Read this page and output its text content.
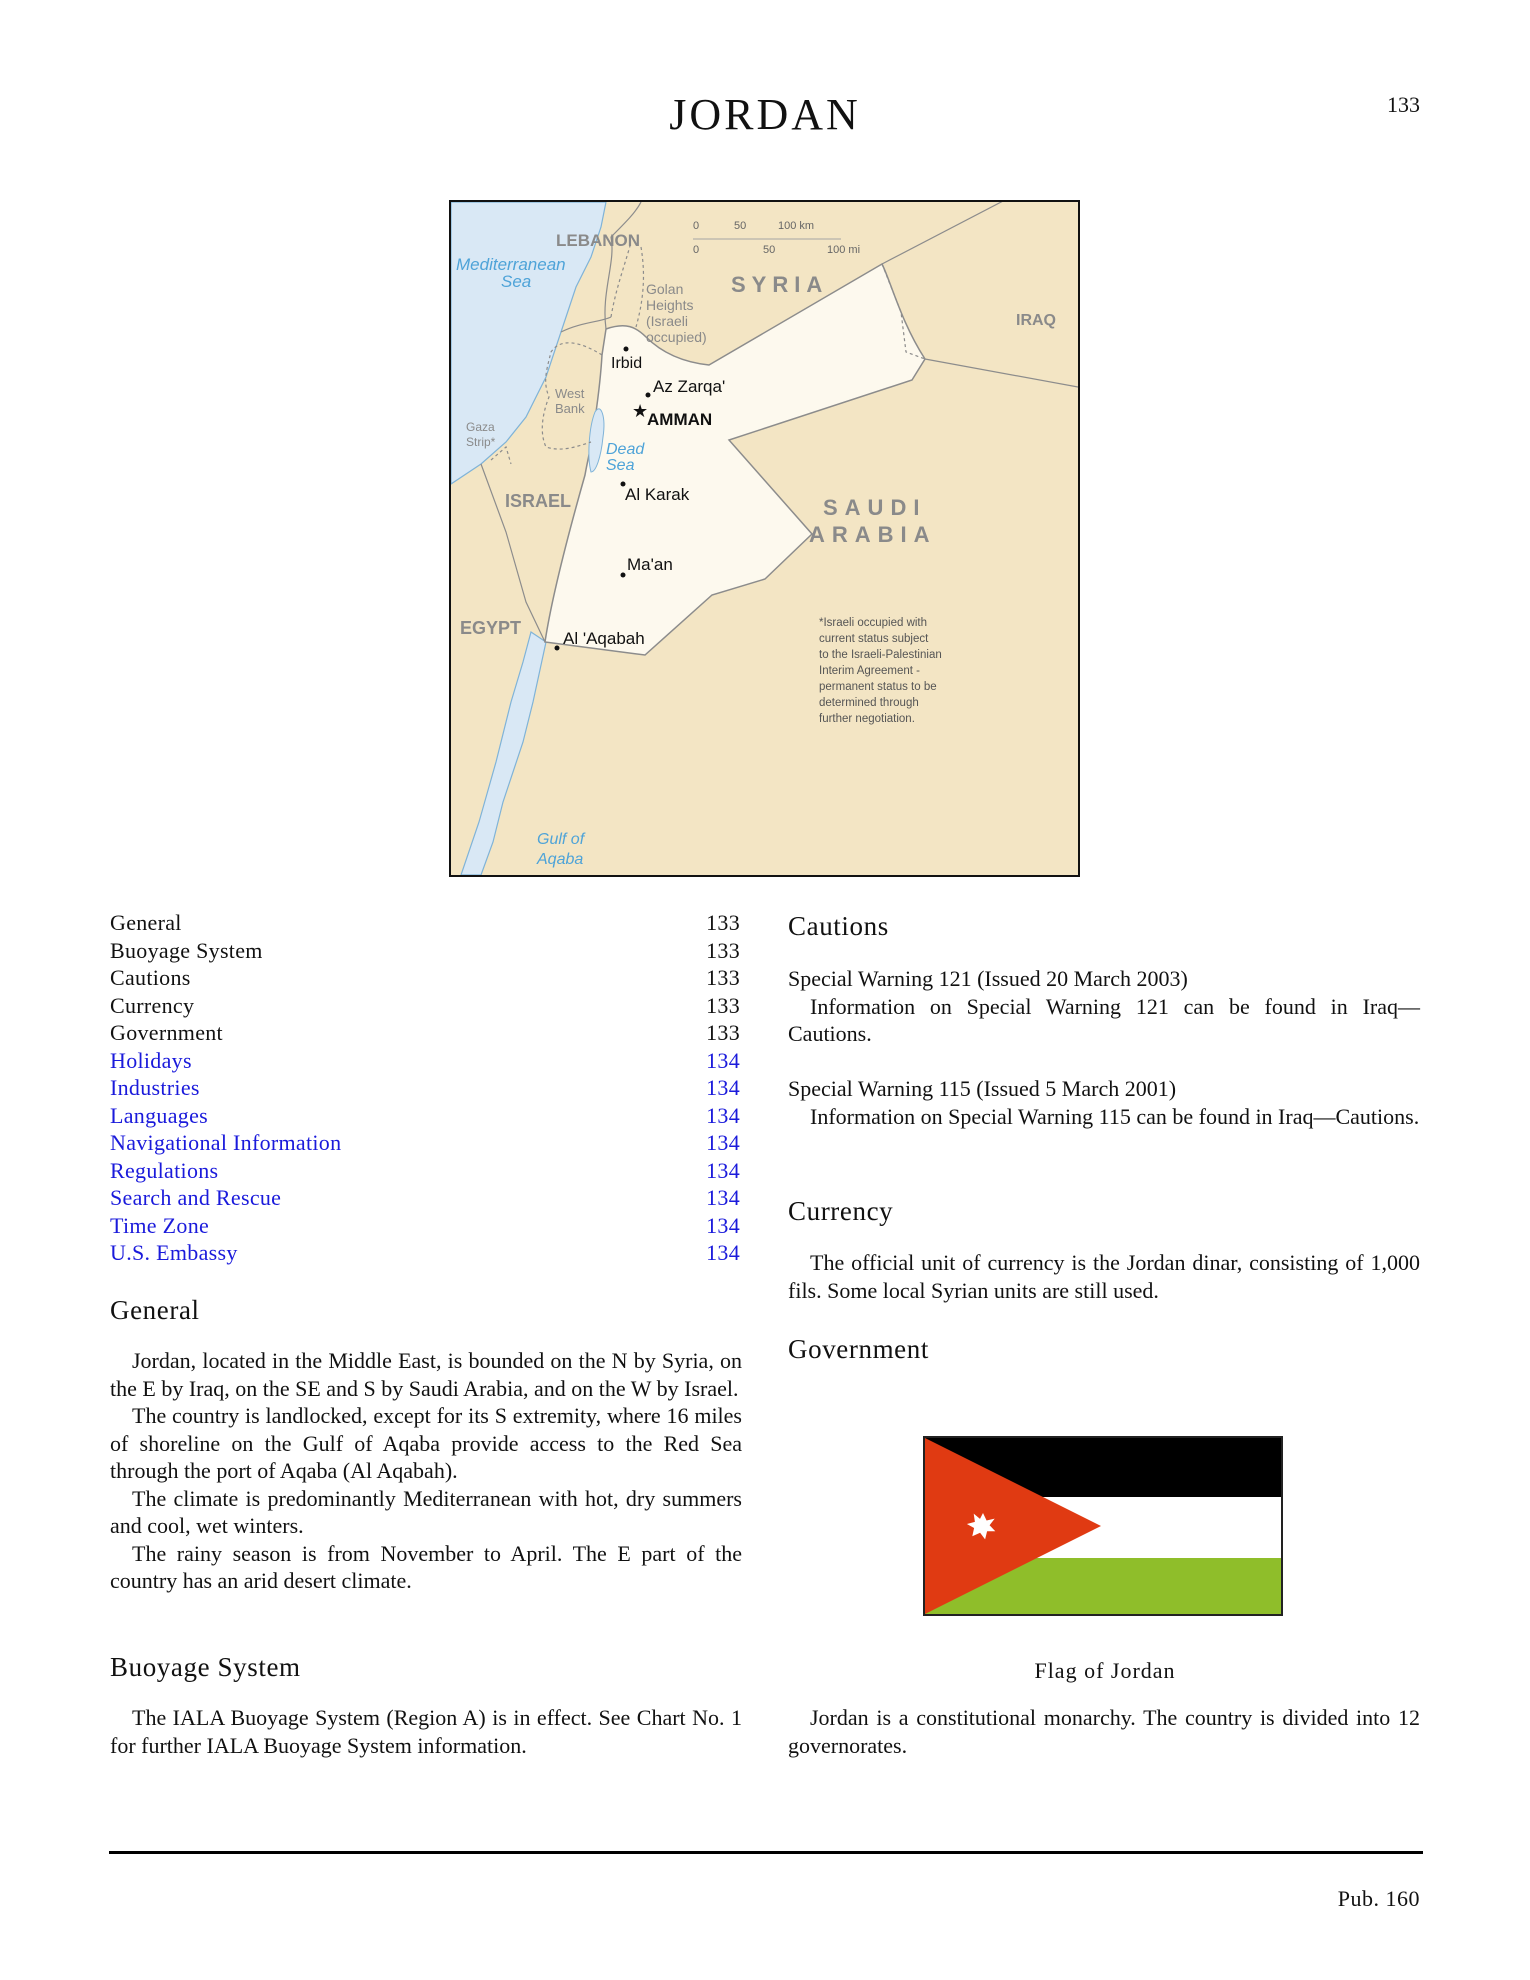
JORDAN	133
Mediterranean
Sea
Dead
Sea
Gulf of
Aqaba
LEBANON
SYRIA
IRAQ
SAUDI
ARABIA
ISRAEL
EGYPT
Golan
Heights
(Israeli
occupied)
West
Bank
Gaza
Strip*
0	50	100 km
0	50	100 mi
Irbid
Az Zarqa'
★
AMMAN
Al Karak
Ma'an
Al 'Aqabah
*Israeli occupied with
current status subject
to the Israeli-Palestinian
Interim Agreement -
permanent status to be
determined through
further negotiation.
General	133
Buoyage System	133
Cautions	133
Currency	133
Government	133
Holidays	134
Industries	134
Languages	134
Navigational Information	134
Regulations	134
Search and Rescue	134
Time Zone	134
U.S. Embassy	134
General
Jordan, located in the Middle East, is bounded on the N by Syria, on the E by Iraq, on the SE and S by Saudi Arabia, and on the W by Israel.
The country is landlocked, except for its S extremity, where 16 miles of shoreline on the Gulf of Aqaba provide access to the Red Sea through the port of Aqaba (Al Aqabah).
The climate is predominantly Mediterranean with hot, dry summers and cool, wet winters.
The rainy season is from November to April. The E part of the country has an arid desert climate.
Buoyage System
The IALA Buoyage System (Region A) is in effect. See Chart No. 1 for further IALA Buoyage System information.
Cautions
Special Warning 121 (Issued 20 March 2003)
Information on Special Warning 121 can be found in Iraq—Cautions.
Special Warning 115 (Issued 5 March 2001)
Information on Special Warning 115 can be found in Iraq—Cautions.
Currency
The official unit of currency is the Jordan dinar, consisting of 1,000 fils. Some local Syrian units are still used.
Government
Flag of Jordan
Jordan is a constitutional monarchy. The country is divided into 12 governorates.
Pub. 160
